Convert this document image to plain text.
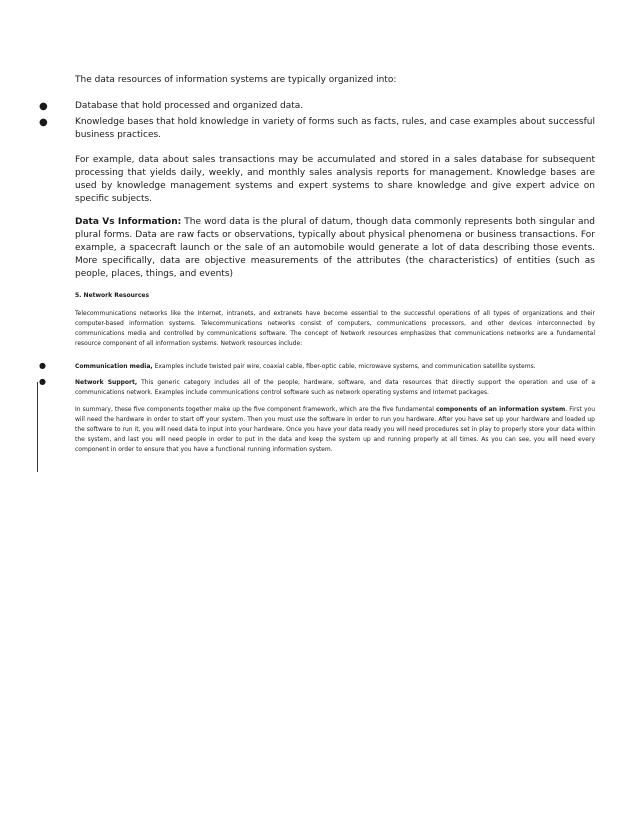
The data resources of information systems are typically organized into:
●	Database that hold processed and organized data.
●	Knowledge bases that hold knowledge in variety of forms such as facts, rules, and case examples about successful business practices.
For example, data about sales transactions may be accumulated and stored in a sales database for subsequent processing that yields daily, weekly, and monthly sales analysis reports for management. Knowledge bases are used by knowledge management systems and expert systems to share knowledge and give expert advice on specific subjects.
Data Vs Information: The word data is the plural of datum, though data commonly represents both singular and plural forms. Data are raw facts or observations, typically about physical phenomena or business transactions. For example, a spacecraft launch or the sale of an automobile would generate a lot of data describing those events. More specifically, data are objective measurements of the attributes (the characteristics) of entities (such as people, places, things, and events)
5. Network Resources
Telecommunications networks like the Internet, intranets, and extranets have become essential to the successful operations of all types of organizations and their computer-based information systems. Telecommunications networks consist of computers, communications processors, and other devices interconnected by communications media and controlled by communications software. The concept of Network resources emphasizes that communications networks are a fundamental resource component of all information systems. Network resources include:
●	Communication media, Examples include twisted pair wire, coaxial cable, fiber-optic cable, microwave systems, and communication satellite systems.
●	Network Support, This generic category includes all of the people, hardware, software, and data resources that directly support the operation and use of a communications network. Examples include communications control software such as network operating systems and Internet packages.
In summary, these five components together make up the five component framework, which are the five fundamental components of an information system. First you will need the hardware in order to start off your system. Then you must use the software in order to run you hardware. After you have set up your hardware and loaded up the software to run it, you will need data to input into your hardware. Once you have your data ready you will need procedures set in play to properly store your data within the system, and last you will need people in order to put in the data and keep the system up and running properly at all times. As you can see, you will need every component in order to ensure that you have a functional running information system.
